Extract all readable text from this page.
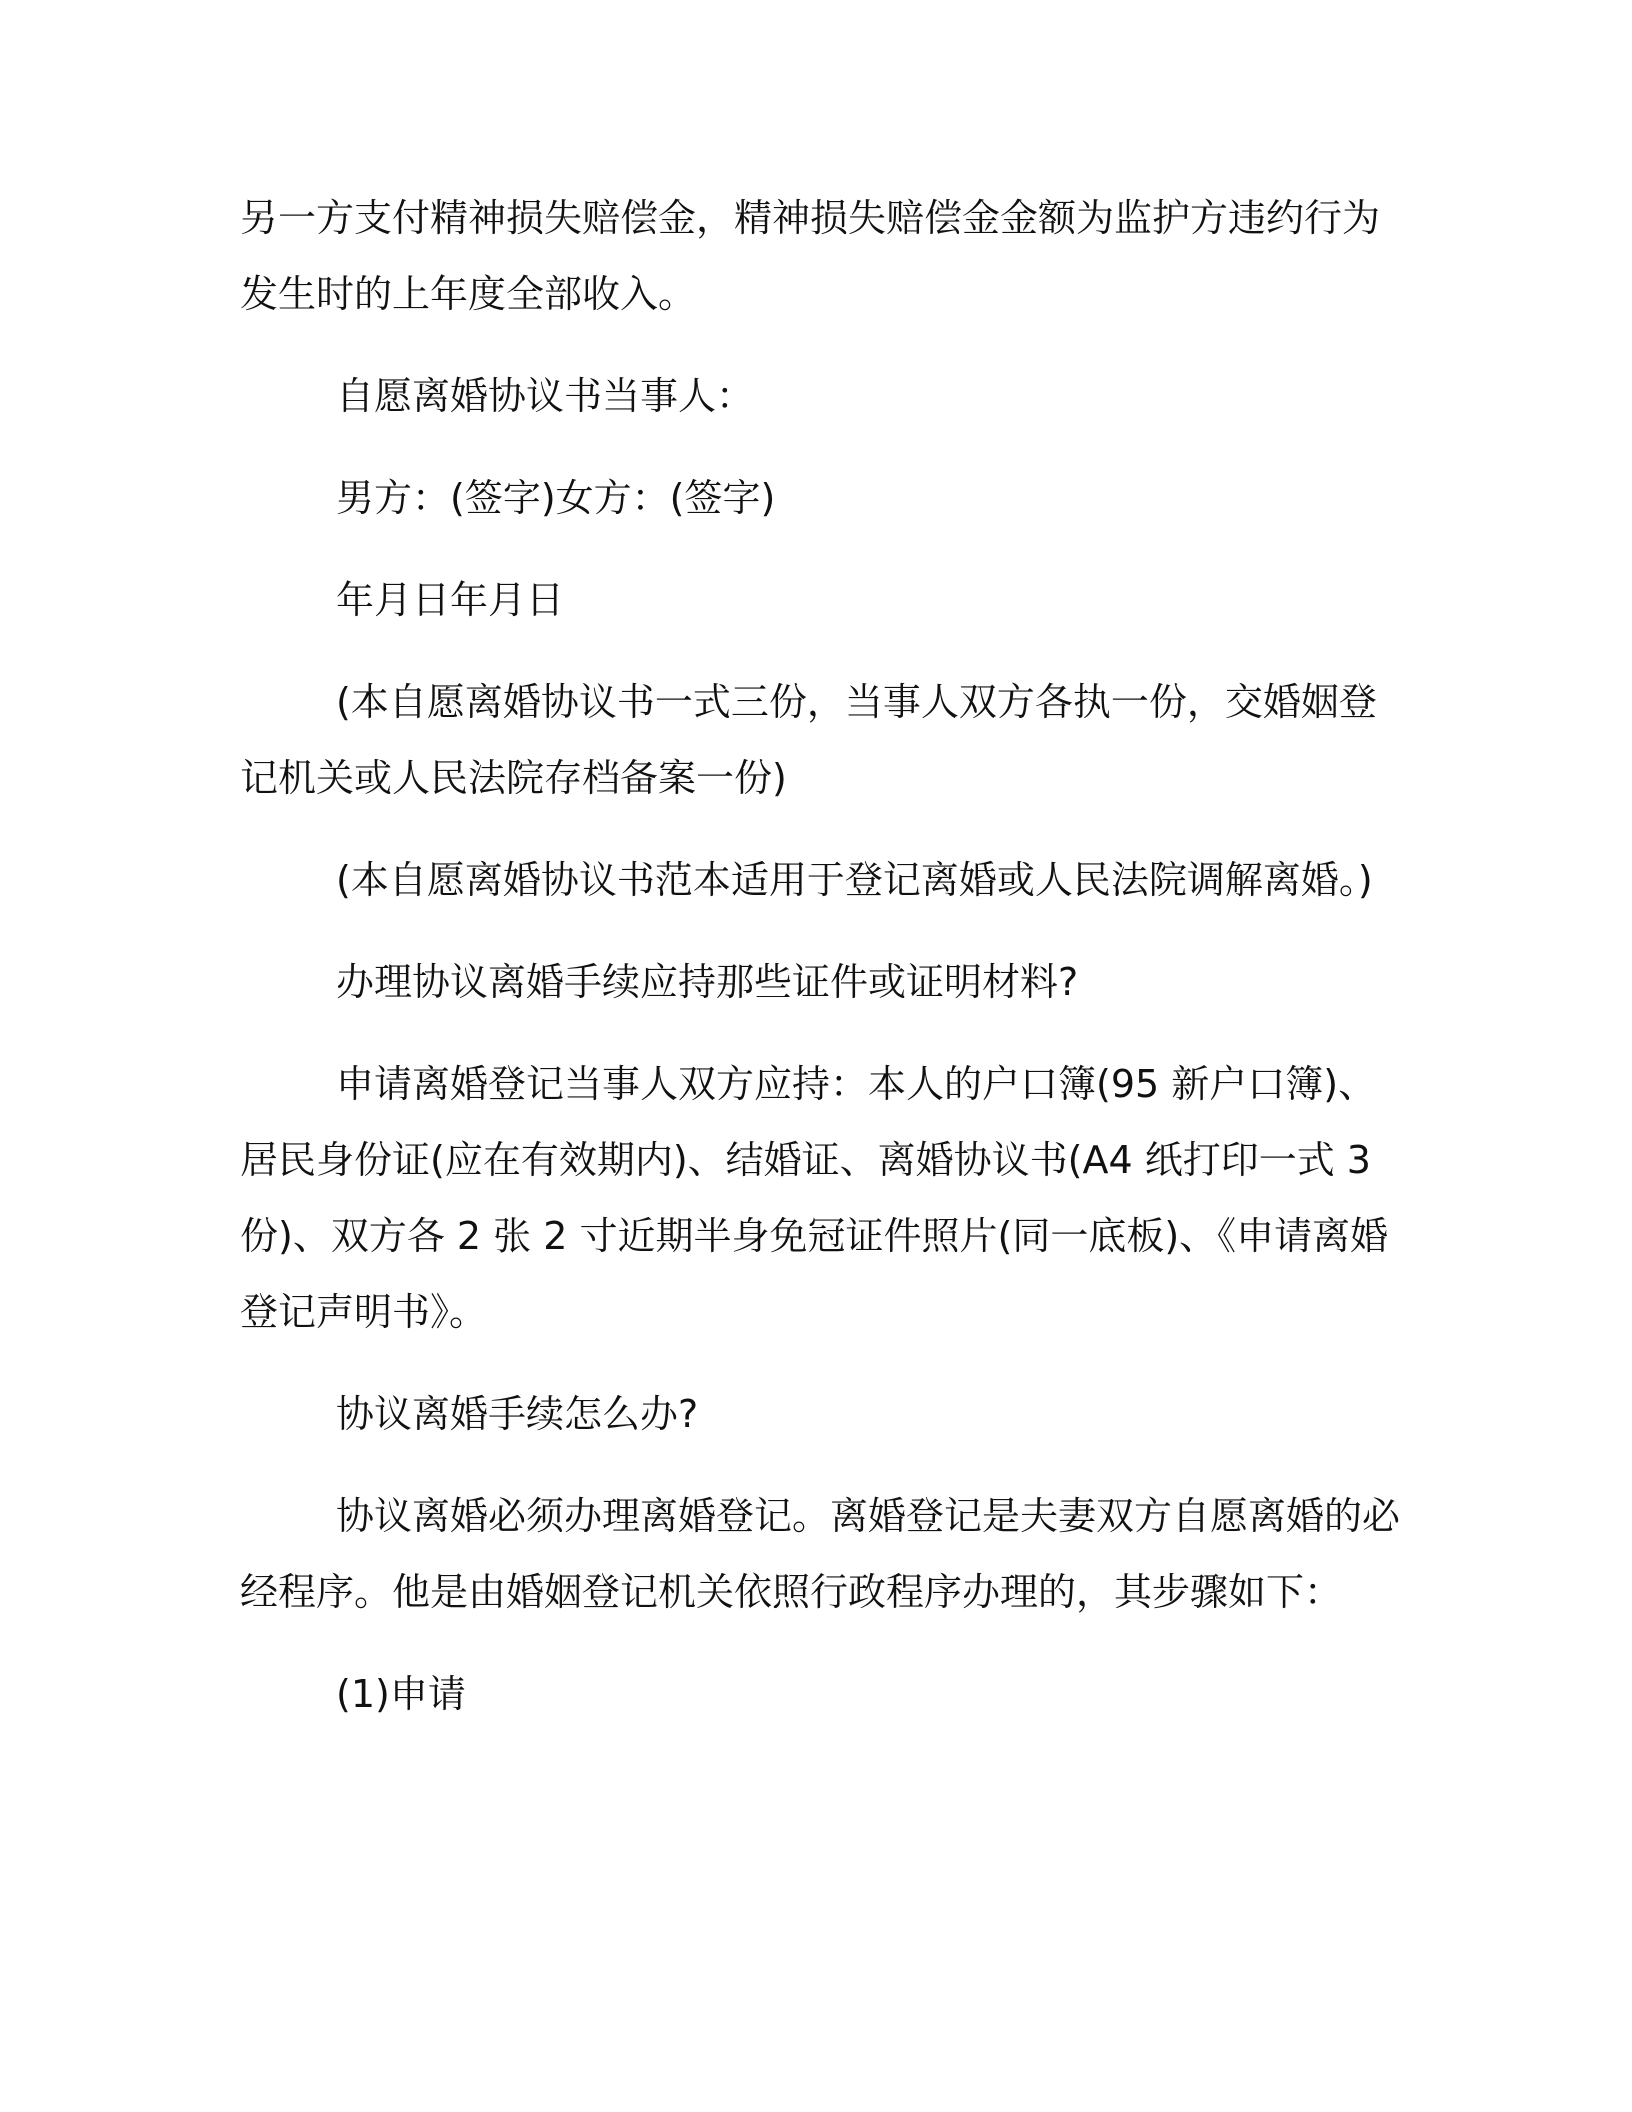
另一方支付精神损失赔偿金，精神损失赔偿金金额为监护方违约行为发生时的上年度全部收入。

自愿离婚协议书当事人：

男方：(签字)女方：(签字)

年月日年月日

(本自愿离婚协议书一式三份，当事人双方各执一份，交婚姻登记机关或人民法院存档备案一份)

(本自愿离婚协议书范本适用于登记离婚或人民法院调解离婚。)

办理协议离婚手续应持那些证件或证明材料?

申请离婚登记当事人双方应持：本人的户口簿(95 新户口簿)、居民身份证(应在有效期内)、结婚证、离婚协议书(A4 纸打印一式 3 份)、双方各 2 张 2 寸近期半身免冠证件照片(同一底板)、《申请离婚登记声明书》。

协议离婚手续怎么办?

协议离婚必须办理离婚登记。离婚登记是夫妻双方自愿离婚的必经程序。他是由婚姻登记机关依照行政程序办理的，其步骤如下：

(1)申请
